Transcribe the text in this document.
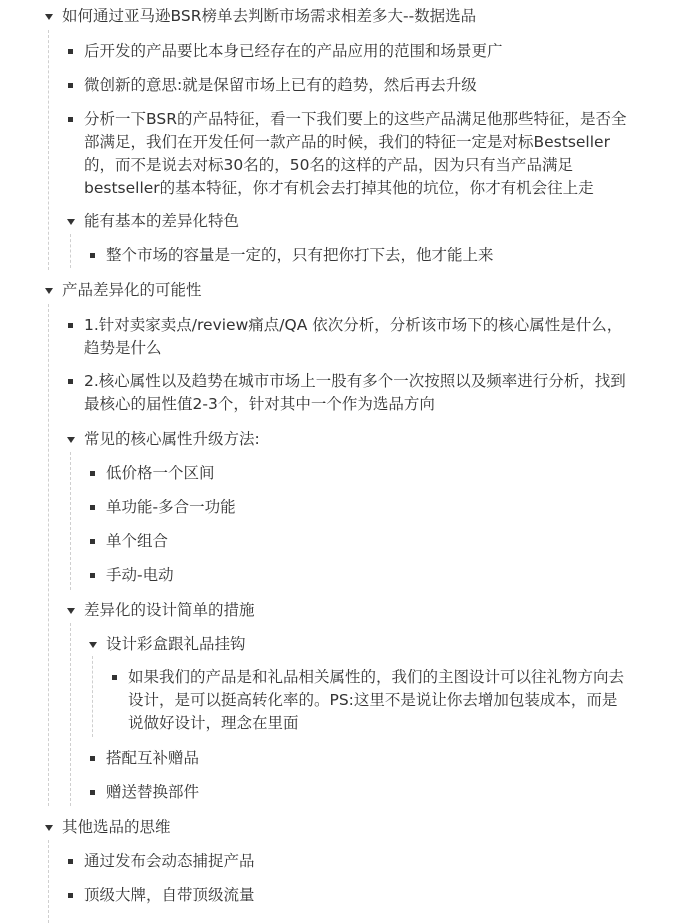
如何通过亚马逊BSR榜单去判断市场需求相差多大--数据选品
后开发的产品要比本身已经存在的产品应用的范围和场景更广
微创新的意思:就是保留市场上已有的趋势，然后再去升级
分析一下BSR的产品特征，看一下我们要上的这些产品满足他那些特征，是否全
部满足，我们在开发任何一款产品的时候，我们的特征一定是对标Bestseller
的，而不是说去对标30名的，50名的这样的产品，因为只有当产品满足
bestseller的基本特征，你才有机会去打掉其他的坑位，你才有机会往上走
能有基本的差异化特色
整个市场的容量是一定的，只有把你打下去，他才能上来
产品差异化的可能性
1.针对卖家卖点/review痛点/QA 依次分析，分析该市场下的核心属性是什么，
趋势是什么
2.核心属性以及趋势在城市市场上一股有多个一次按照以及频率进行分析，找到
最核心的届性值2-3个，针对其中一个作为选品方向
常见的核心属性升级方法:
低价格一个区间
单功能-多合一功能
单个组合
手动-电动
差异化的设计简单的措施
设计彩盒跟礼品挂钩
如果我们的产品是和礼品相关属性的，我们的主图设计可以往礼物方向去
设计，是可以挺高转化率的。PS:这里不是说让你去增加包装成本，而是
说做好设计，理念在里面
搭配互补赠品
赠送替换部件
其他选品的思维
通过发布会动态捕捉产品
顶级大牌，自带顶级流量
